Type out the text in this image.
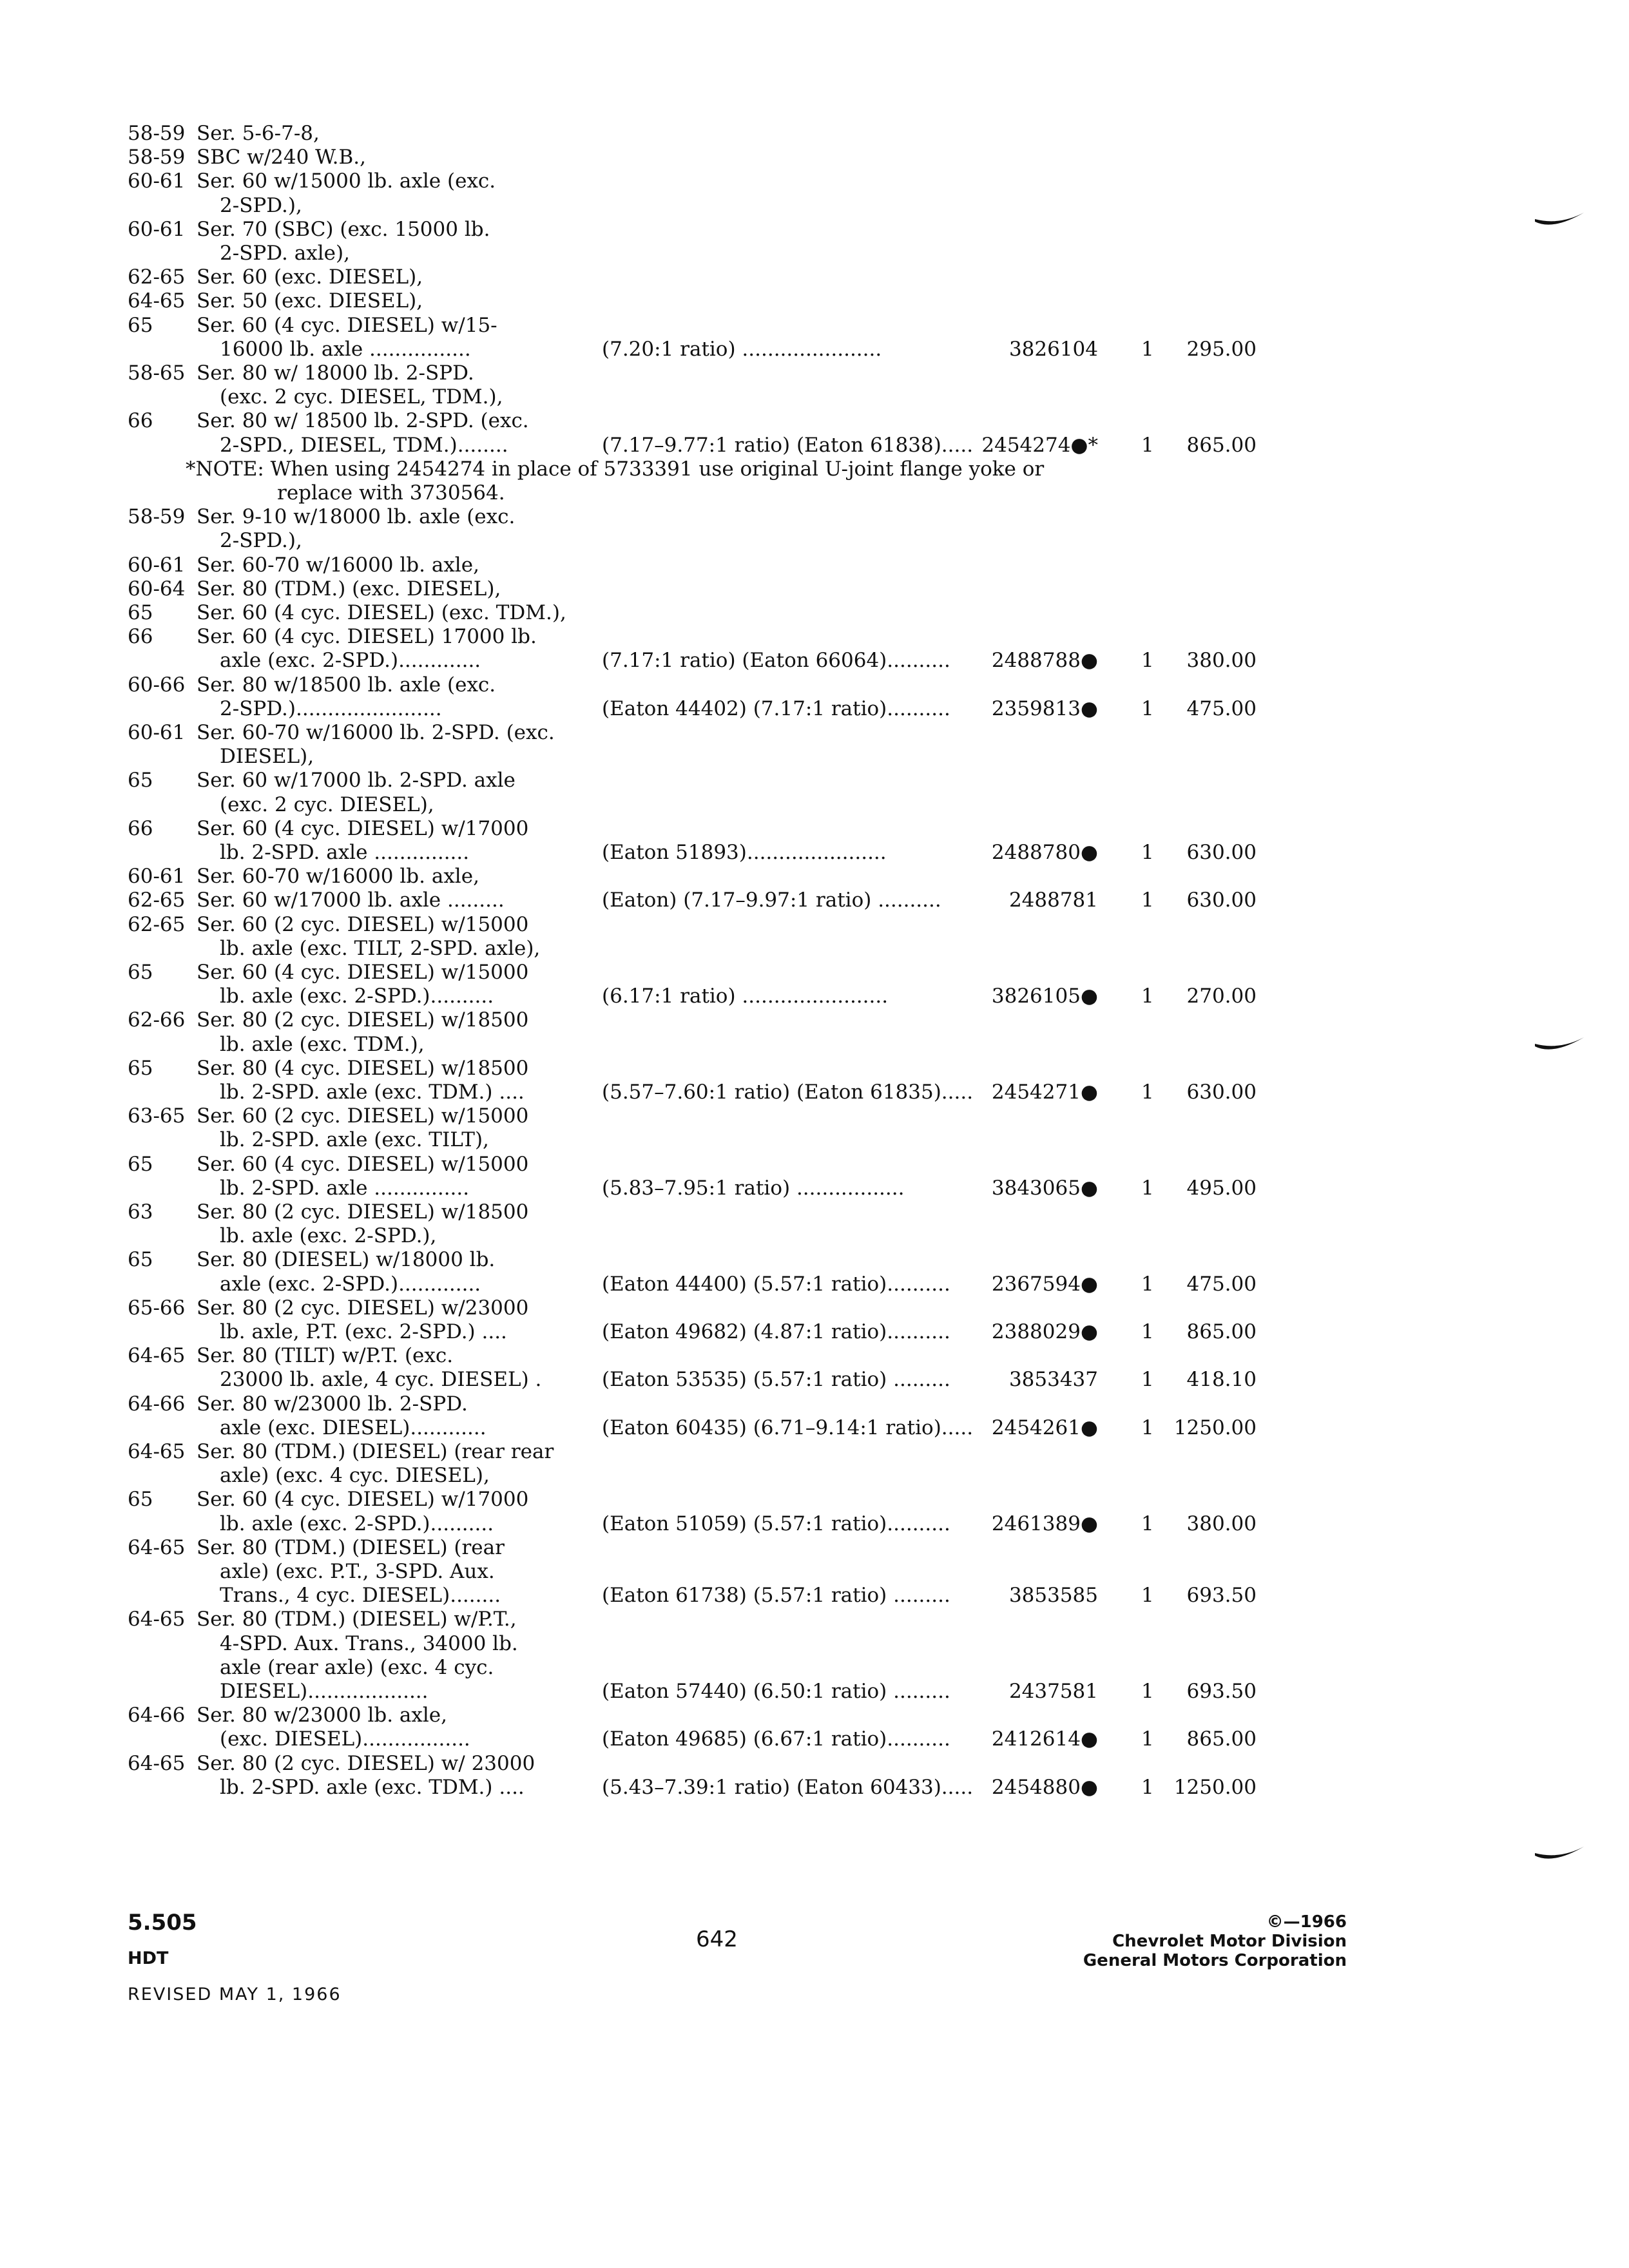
58-59 Ser. 5-6-7-8,
58-59 SBC w/240 W.B.,
60-61 Ser. 60 w/15000 lb. axle (exc.
2-SPD.),
60-61 Ser. 70 (SBC) (exc. 15000 lb.
2-SPD. axle),
62-65 Ser. 60 (exc. DIESEL),
64-65 Ser. 50 (exc. DIESEL),
65 Ser. 60 (4 cyc. DIESEL) w/15-
16000 lb. axle ................	(7.20:1 ratio) ......................	3826104 1 295.00
58-65 Ser. 80 w/ 18000 lb. 2-SPD.
(exc. 2 cyc. DIESEL, TDM.),
66 Ser. 80 w/ 18500 lb. 2-SPD. (exc.
2-SPD., DIESEL, TDM.)........	(7.17–9.77:1 ratio) (Eaton 61838)..... 2454274●* 1 865.00
*NOTE: When using 2454274 in place of 5733391 use original U-joint flange yoke or
replace with 3730564.
58-59 Ser. 9-10 w/18000 lb. axle (exc.
2-SPD.),
60-61 Ser. 60-70 w/16000 lb. axle,
60-64 Ser. 80 (TDM.) (exc. DIESEL),
65 Ser. 60 (4 cyc. DIESEL) (exc. TDM.),
66 Ser. 60 (4 cyc. DIESEL) 17000 lb.
axle (exc. 2-SPD.).............	(7.17:1 ratio) (Eaton 66064).......... 2488788● 1 380.00
60-66 Ser. 80 w/18500 lb. axle (exc.
2-SPD.).......................	(Eaton 44402) (7.17:1 ratio).......... 2359813● 1 475.00
60-61 Ser. 60-70 w/16000 lb. 2-SPD. (exc.
DIESEL),
65 Ser. 60 w/17000 lb. 2-SPD. axle
(exc. 2 cyc. DIESEL),
66 Ser. 60 (4 cyc. DIESEL) w/17000
lb. 2-SPD. axle ...............	(Eaton 51893)......................	2488780● 1 630.00
60-61 Ser. 60-70 w/16000 lb. axle,
62-65 Ser. 60 w/17000 lb. axle .........	(Eaton) (7.17–9.97:1 ratio) ..........	2488781 1 630.00
62-65 Ser. 60 (2 cyc. DIESEL) w/15000
lb. axle (exc. TILT, 2-SPD. axle),
65 Ser. 60 (4 cyc. DIESEL) w/15000
lb. axle (exc. 2-SPD.)..........	(6.17:1 ratio) .......................	3826105● 1 270.00
62-66 Ser. 80 (2 cyc. DIESEL) w/18500
lb. axle (exc. TDM.),
65 Ser. 80 (4 cyc. DIESEL) w/18500
lb. 2-SPD. axle (exc. TDM.) ....	(5.57–7.60:1 ratio) (Eaton 61835)..... 2454271● 1 630.00
63-65 Ser. 60 (2 cyc. DIESEL) w/15000
lb. 2-SPD. axle (exc. TILT),
65 Ser. 60 (4 cyc. DIESEL) w/15000
lb. 2-SPD. axle ...............	(5.83–7.95:1 ratio) .................	3843065● 1 495.00
63 Ser. 80 (2 cyc. DIESEL) w/18500
lb. axle (exc. 2-SPD.),
65 Ser. 80 (DIESEL) w/18000 lb.
axle (exc. 2-SPD.).............	(Eaton 44400) (5.57:1 ratio).......... 2367594● 1 475.00
65-66 Ser. 80 (2 cyc. DIESEL) w/23000
lb. axle, P.T. (exc. 2-SPD.) ....	(Eaton 49682) (4.87:1 ratio).......... 2388029● 1 865.00
64-65 Ser. 80 (TILT) w/P.T. (exc.
23000 lb. axle, 4 cyc. DIESEL) .	(Eaton 53535) (5.57:1 ratio) .........	3853437 1 418.10
64-66 Ser. 80 w/23000 lb. 2-SPD.
axle (exc. DIESEL)............	(Eaton 60435) (6.71–9.14:1 ratio)..... 2454261● 1 1250.00
64-65 Ser. 80 (TDM.) (DIESEL) (rear rear
axle) (exc. 4 cyc. DIESEL),
65 Ser. 60 (4 cyc. DIESEL) w/17000
lb. axle (exc. 2-SPD.)..........	(Eaton 51059) (5.57:1 ratio).......... 2461389● 1 380.00
64-65 Ser. 80 (TDM.) (DIESEL) (rear
axle) (exc. P.T., 3-SPD. Aux.
Trans., 4 cyc. DIESEL)........	(Eaton 61738) (5.57:1 ratio) .........	3853585 1 693.50
64-65 Ser. 80 (TDM.) (DIESEL) w/P.T.,
4-SPD. Aux. Trans., 34000 lb.
axle (rear axle) (exc. 4 cyc.
DIESEL)...................	(Eaton 57440) (6.50:1 ratio) .........	2437581 1 693.50
64-66 Ser. 80 w/23000 lb. axle,
(exc. DIESEL).................	(Eaton 49685) (6.67:1 ratio).......... 2412614● 1 865.00
64-65 Ser. 80 (2 cyc. DIESEL) w/ 23000
lb. 2-SPD. axle (exc. TDM.) ....	(5.43–7.39:1 ratio) (Eaton 60433)..... 2454880● 1 1250.00
5.505
HDT
REVISED MAY 1, 1966
642
©—1966
Chevrolet Motor Division
General Motors Corporation
